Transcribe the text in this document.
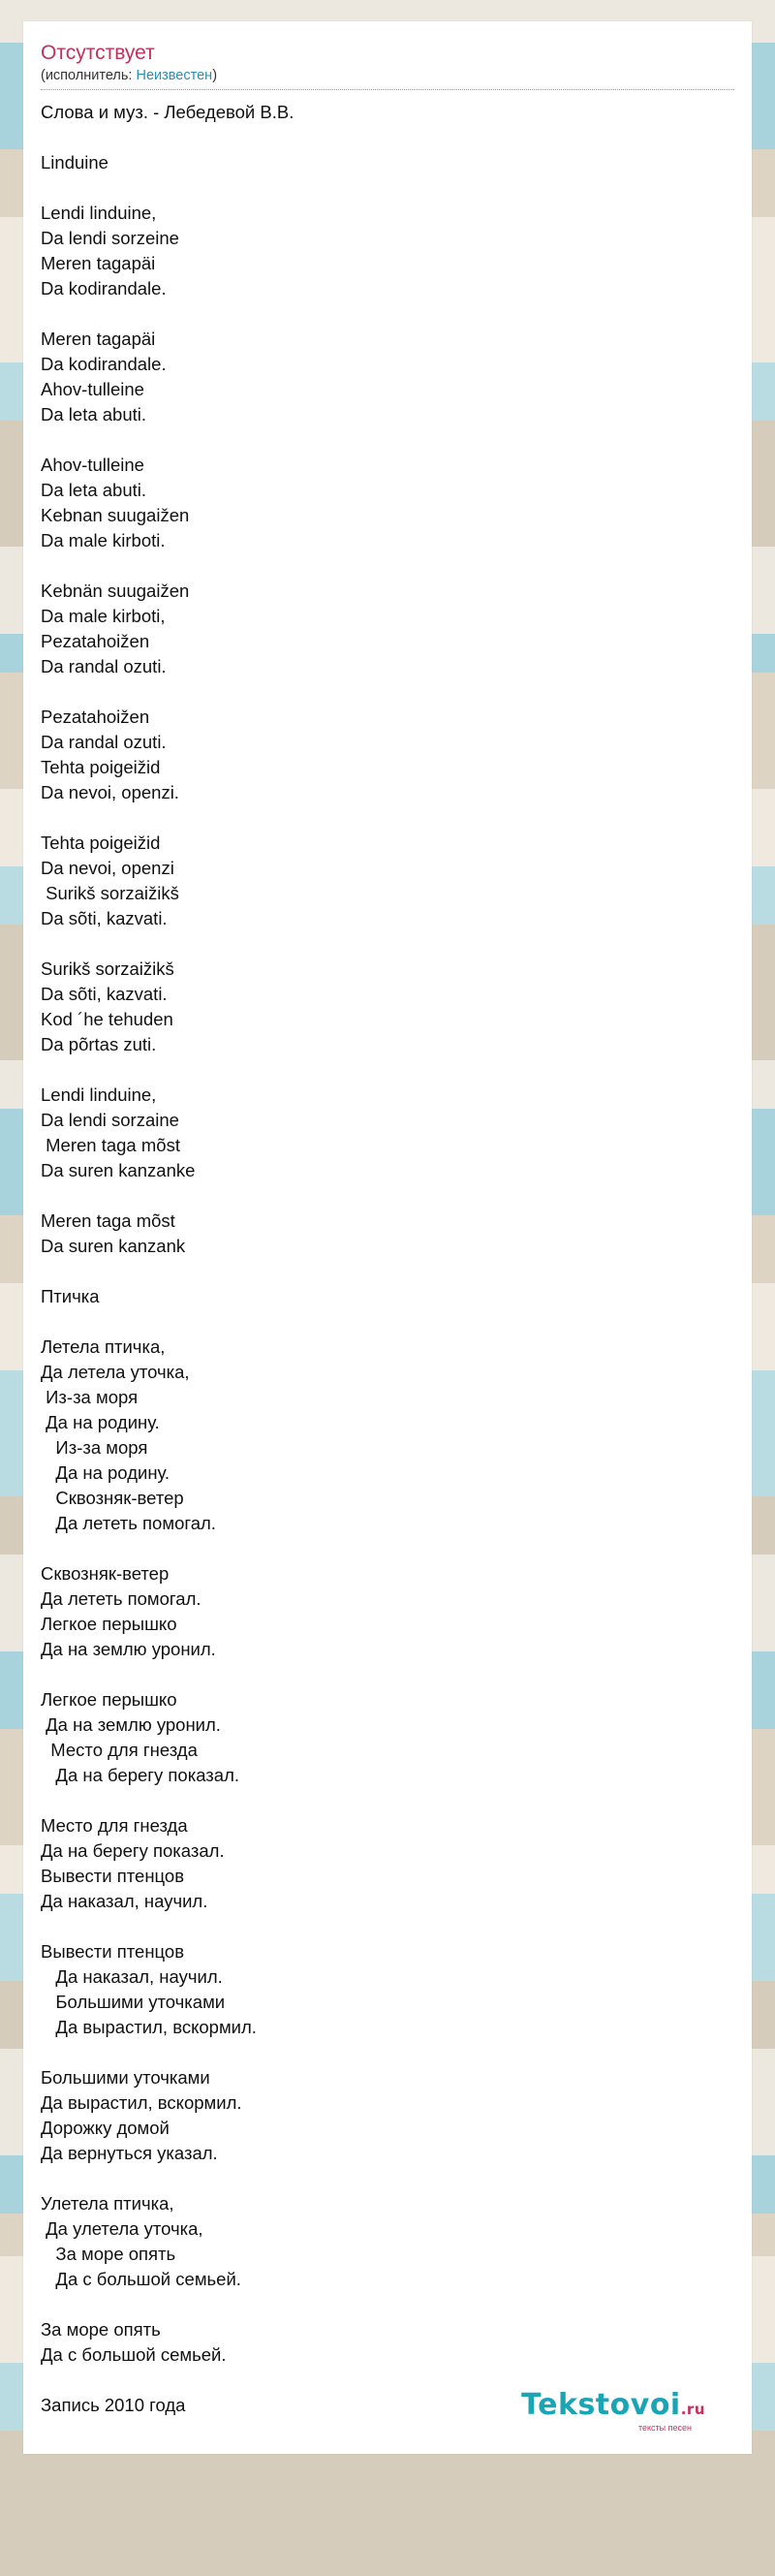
Отсутствует
(исполнитель: Неизвестен)
Слова и муз. - Лебедевой В.В.
Linduine
Lendi linduine,
Da lendi sorzeine
Meren tagapäi
Da kodirandale.
Meren tagapäi
Da kodirandale.
Ahov-tulleine
Da leta abuti.
Ahov-tulleine
Da leta abuti.
Kebnan suugaižen
Da male kirboti.
Kebnän suugaižen
Da male kirboti,
Pezatahoižen
Da randal ozuti.
Pezatahoižen
Da randal ozuti.
Tehta poigeižid
Da nevoi, openzi.
Tehta poigeižid
Da nevoi, openzi
Surikš sorzaižikš
Da sõti, kazvati.
Surikš sorzaižikš
Da sõti, kazvati.
Kod ´he tehuden
Da põrtas zuti.
Lendi linduine,
Da lendi sorzaine
Meren taga mõst
Da suren kanzanke
Meren taga mõst
Da suren kanzank
Птичка
Летела птичка,
Да летела уточка,
Из-за моря
Да на родину.
Из-за моря
Да на родину.
Сквозняк-ветер
Да лететь помогал.
Сквозняк-ветер
Да лететь помогал.
Легкое перышко
Да на землю уронил.
Легкое перышко
Да на землю уронил.
Место для гнезда
Да на берегу показал.
Место для гнезда
Да на берегу показал.
Вывести птенцов
Да наказал, научил.
Вывести птенцов
Да наказал, научил.
Большими уточками
Да вырастил, вскормил.
Большими уточками
Да вырастил, вскормил.
Дорожку домой
Да вернуться указал.
Улетела птичка,
Да улетела уточка,
За море опять
Да с большой семьей.
За море опять
Да с большой семьей.
Запись 2010 года	Tekstovoi.ru
тексты песен
